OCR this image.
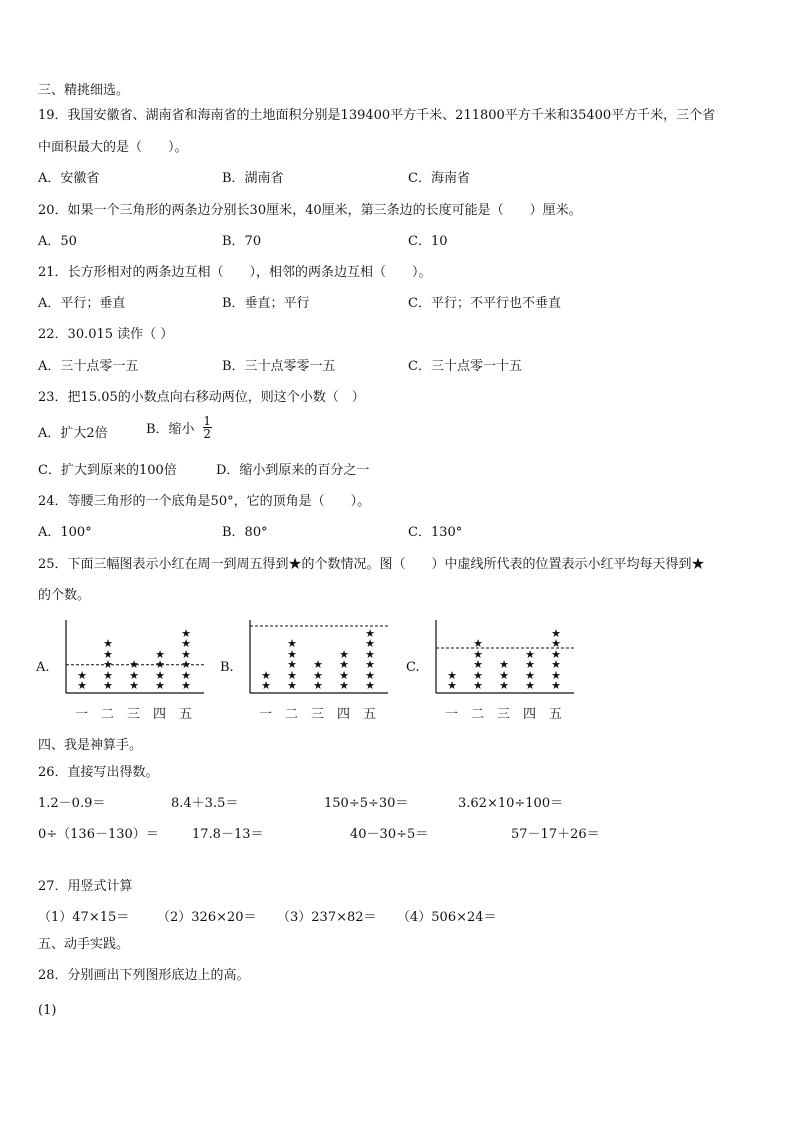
三、精挑细选。
19．我国安徽省、湖南省和海南省的土地面积分别是139400平方千米、211800平方千米和35400平方千米，三个省
中面积最大的是（　　）。
A．安徽省	B．湖南省	C．海南省
20．如果一个三角形的两条边分别长30厘米，40厘米，第三条边的长度可能是（　　）厘米。
A．50	B．70	C．10
21．长方形相对的两条边互相（　　），相邻的两条边互相（　　）。
A．平行；垂直	B．垂直；平行	C．平行；不平行也不垂直
22．30.015 读作（ ）
A．三十点零一五	B．三十点零零一五	C．三十点零一十五
23．把15.05的小数点向右移动两位，则这个小数（　）
A．扩大2倍	B．缩小 $\frac{1}{2}$
C．扩大到原来的100倍	D．缩小到原来的百分之一
24．等腰三角形的一个底角是50°，它的顶角是（　　）。
A．100°	B．80°	C．130°
25．下面三幅图表示小红在周一到周五得到★的个数情况。图（　　）中虚线所代表的位置表示小红平均每天得到★
的个数。
A.
★
★
一
★
★
★
★
★
二
★
★
★
三
★
★
★
★
四
★
★
★
★
★
★
五
B.
★
★
一
★
★
★
★
★
二
★
★
★
三
★
★
★
★
四
★
★
★
★
★
★
五
C.
★
★
一
★
★
★
★
★
二
★
★
★
三
★
★
★
★
四
★
★
★
★
★
★
五
四、我是神算手。
26．直接写出得数。
1.2－0.9＝	8.4＋3.5＝	150÷5÷30＝	3.62×10÷100＝
0÷（136－130）＝	17.8－13＝	40－30÷5＝	57－17＋26＝
27．用竖式计算
（1）47×15＝ （2）326×20＝ （3）237×82＝ （4）506×24＝
五、动手实践。
28．分别画出下列图形底边上的高。
(1)
